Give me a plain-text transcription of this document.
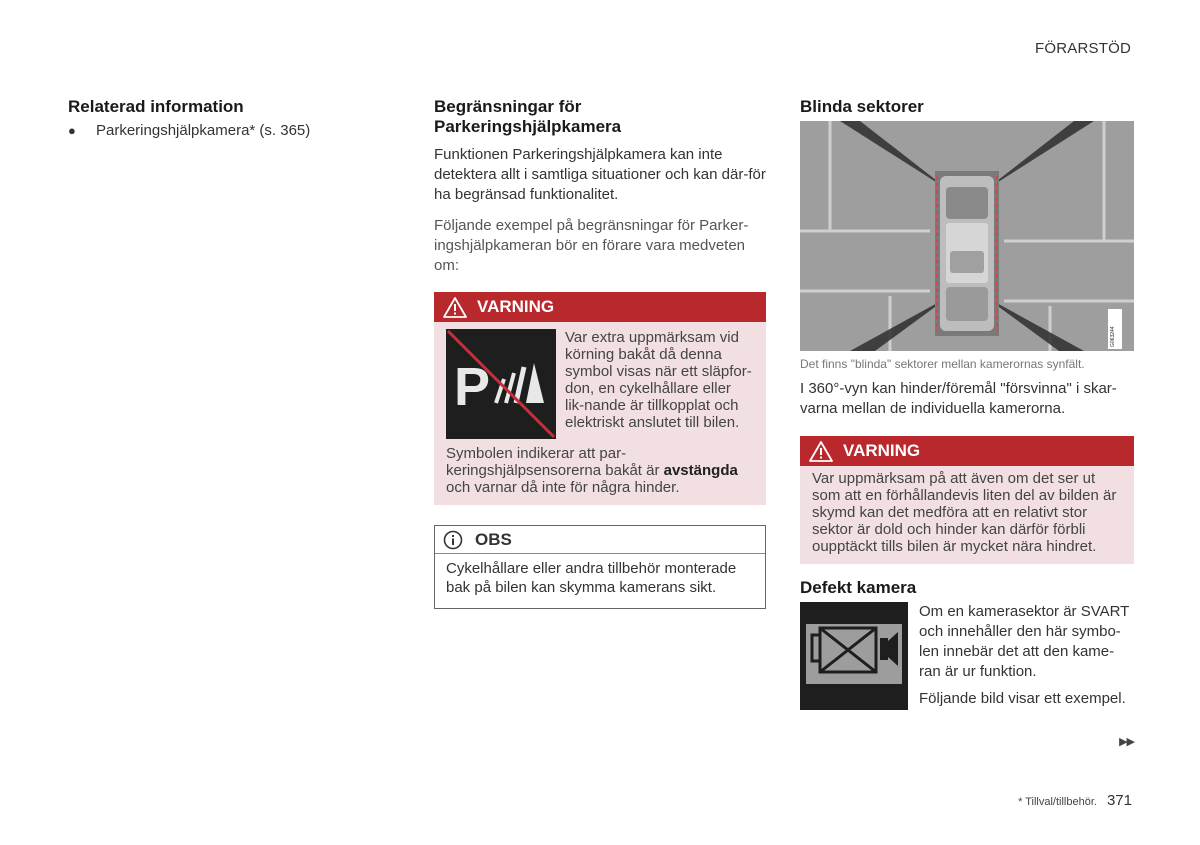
FÖRARSTÖD
Relaterad information
●	Parkeringshjälpkamera* (s. 365)
Begränsningar för
Parkeringshjälpkamera

Funktionen Parkeringshjälpkamera kan inte detektera allt i samtliga situationer och kan där-för ha begränsad funktionalitet.

Följande exempel på begränsningar för Parker-ingshjälpkameran bör en förare vara medveten om:

VARNING
P

Var extra uppmärksam vid körning bakåt då denna symbol visas när ett släpfor-don, en cykelhållare eller lik-nande är tillkopplat och elektriskt anslutet till bilen.

Symbolen indikerar att par-keringshjälpsensorerna bakåt är avstängda och varnar då inte för några hinder.

OBS
Cykelhållare eller andra tillbehör monterade bak på bilen kan skymma kamerans sikt.
Blinda sektorer
G063244

Det finns "blinda" sektorer mellan kamerornas synfält.

I 360°-vyn kan hinder/föremål "försvinna" i skar-varna mellan de individuella kamerorna.

VARNING
Var uppmärksam på att även om det ser ut som att en förhållandevis liten del av bilden är skymd kan det medföra att en relativt stor sektor är dold och hinder kan därför förbli oupptäckt tills bilen är mycket nära hindret.
Defekt kamera

Om en kamerasektor är SVART och innehåller den här symbo-len innebär det att den kame-ran är ur funktion.

Följande bild visar ett exempel.

▶▶
* Tillval/tillbehör. 371
